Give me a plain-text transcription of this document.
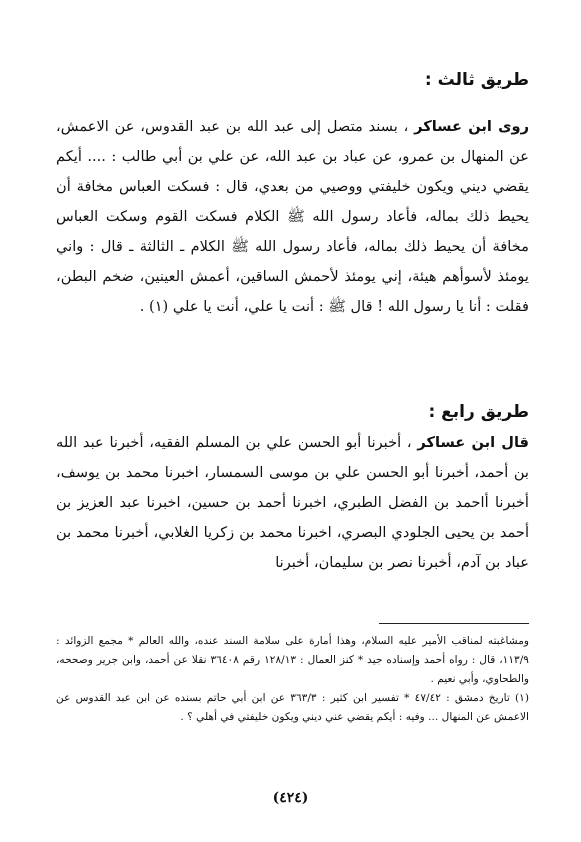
طريق ثالث :

روى ابن عساكر ، بسند متصل إلى عبد الله بن عبد القدوس، عن الاعمش، عن المنهال بن عمرو، عن عباد بن عبد الله، عن علي بن أبي طالب : .... أيكم يقضي ديني ويكون خليفتي ووصيي من بعدي، قال : فسكت العباس مخافة أن يحيط ذلك بماله، فأعاد رسول الله ﷺ الكلام فسكت القوم وسكت العباس مخافة أن يحيط ذلك بماله، فأعاد رسول الله ﷺ الكلام ـ الثالثة ـ قال : واني يومئذ لأسوأهم هيئة، إني يومئذ لأحمش الساقين، أعمش العينين، ضخم البطن، فقلت : أنا يا رسول الله ! قال ﷺ : أنت يا علي، أنت يا علي (١) .

طريق رابع :

قال ابن عساكر ، أخبرنا أبو الحسن علي بن المسلم الفقيه، أخبرنا عبد الله بن أحمد، أخبرنا أبو الحسن علي بن موسى السمسار، اخبرنا محمد بن يوسف، أخبرنا أاحمد بن الفضل الطبري، اخبرنا أحمد بن حسين، اخبرنا عبد العزيز بن أحمد بن يحيى الجلودي البصري، اخبرنا محمد بن زكريا الغلابي، أخبرنا محمد بن عباد بن آدم، أخبرنا نصر بن سليمان، أخبرنا

ومشاغبته لمناقب الأمير عليه السلام، وهذا أمارة على سلامة السند عنده، والله العالم * مجمع الزوائد : ١١٣/٩، قال : رواه أحمد وإسناده جيد * كنز العمال : ١٢٨/١٣ رقم ٣٦٤٠٨ نقلا عن أحمد، وابن جرير وصححه، والطحاوي، وأبي نعيم .

(١) تاريخ دمشق : ٤٧/٤٢ * تفسير ابن كثير : ٣٦٣/٣ عن ابن أبي حاتم بسنده عن ابن عبد القدوس عن الاعمش عن المنهال ... وفيه : أيكم يقضي عني ديني ويكون خليفتي في أهلي ؟ .

(٤٢٤)
